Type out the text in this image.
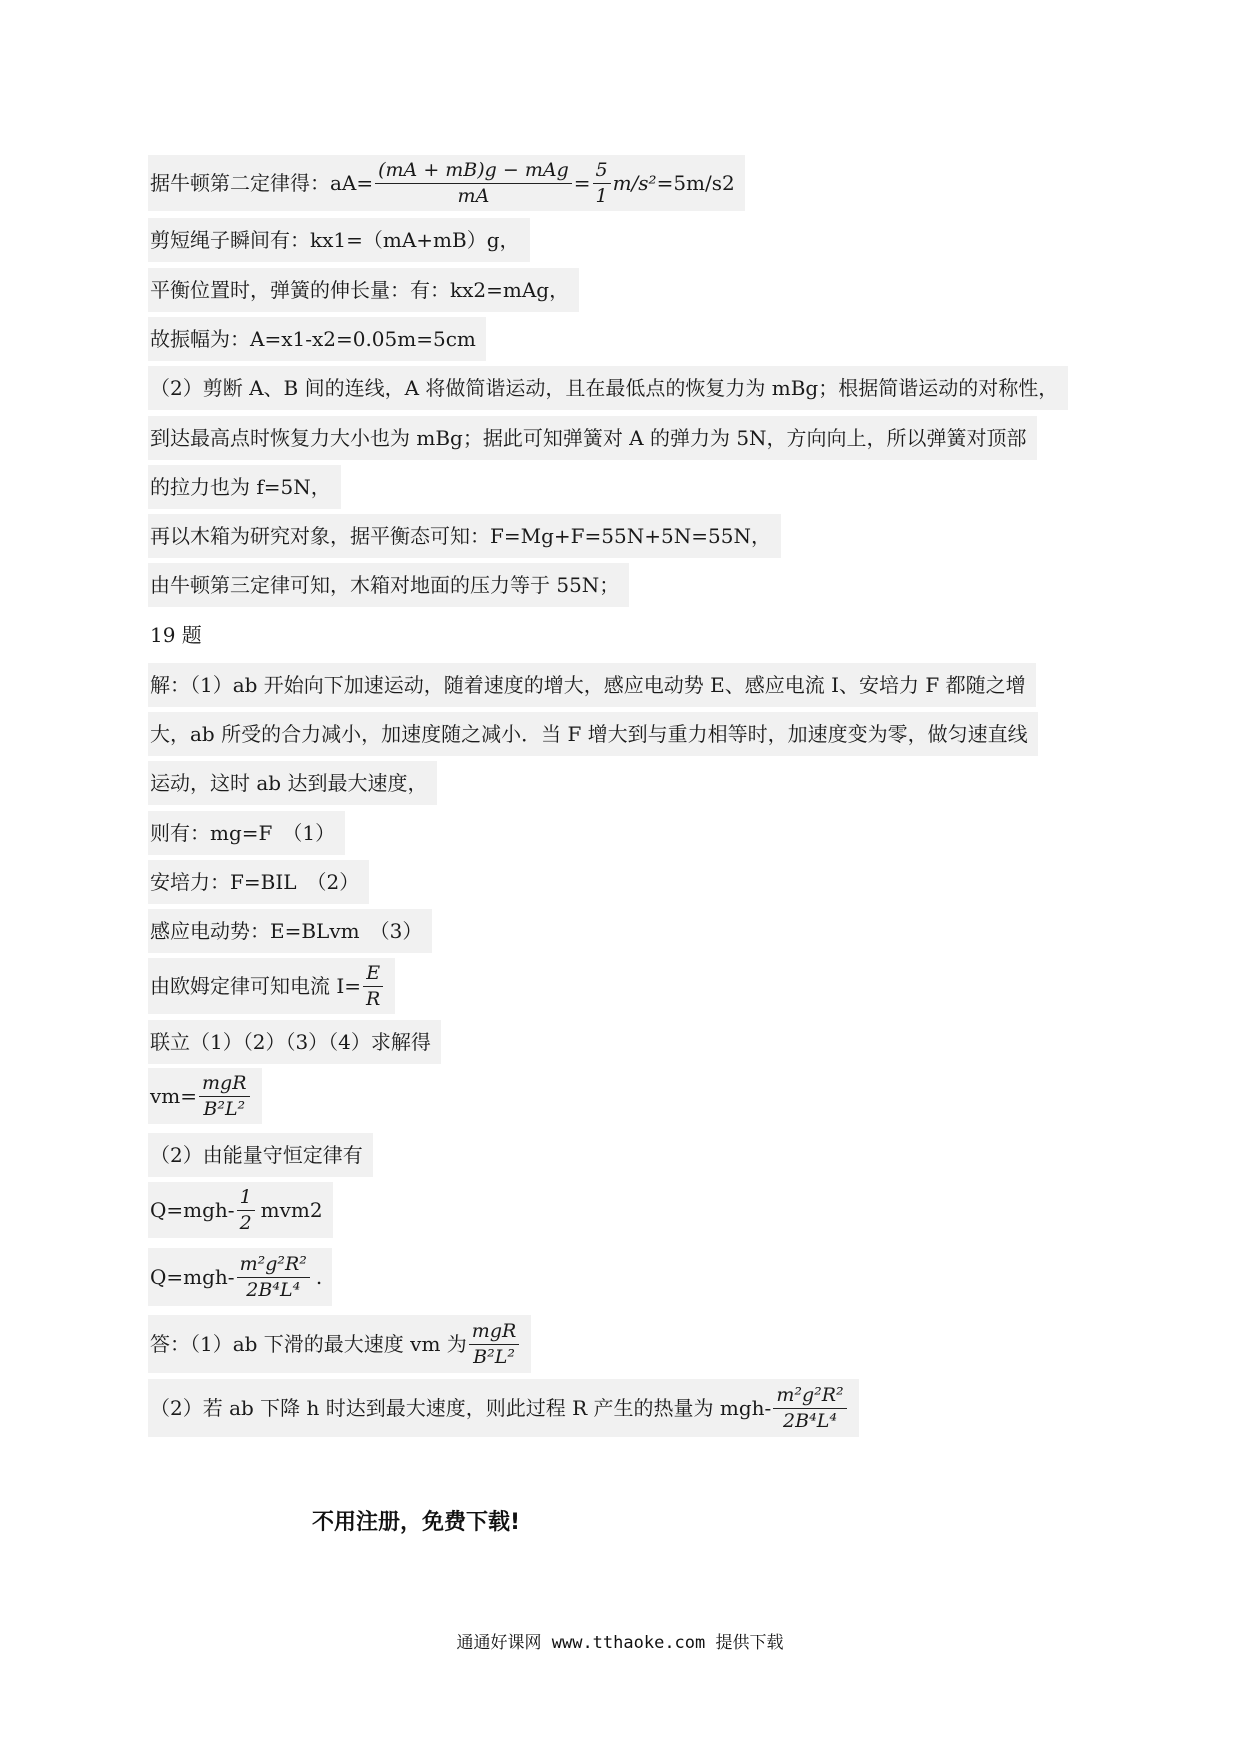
据牛顿第二定律得：$aA= \frac{\text{(mA + mB)g − mAg}}{mA} = \frac{5}{1} m/s^2 =5m/s2$
剪短绳子瞬间有：kx1=（mA+mB）g，
平衡位置时，弹簧的伸长量：有：kx2=mAg，
故振幅为：A=x1-x2=0.05m=5cm
（2）剪断 A、B 间的连线，A 将做简谐运动，且在最低点的恢复力为 mBg；根据简谐运动的对称性，
到达最高点时恢复力大小也为 mBg；据此可知弹簧对 A 的弹力为 5N，方向向上，所以弹簧对顶部
的拉力也为 f=5N，
再以木箱为研究对象，据平衡态可知：F=Mg+F=55N+5N=55N，
由牛顿第三定律可知，木箱对地面的压力等于 55N；
19 题
解：（1）ab 开始向下加速运动，随着速度的增大，感应电动势 E、感应电流 I、安培力 F 都随之增
大，ab 所受的合力减小，加速度随之减小．当 F 增大到与重力相等时，加速度变为零，做匀速直线
运动，这时 ab 达到最大速度，
则有：mg=F　（1）
安培力：F=BIL　（2）
感应电动势：E=BLvm　（3）
由欧姆定律可知电流 $I= \frac{E}{R}$
联立（1）（2）（3）（4）求解得
$vm= \frac{\text{mgR}}{\text{B²L²}}$
（2）由能量守恒定律有
$Q=mgh- \frac{1}{2} mvm2$
$Q=mgh- \frac{\text{m²g²R²}}{\text{2B⁴L⁴}}$ .
答：（1）ab 下滑的最大速度 vm 为 $\frac{\text{mgR}}{\text{B²L²}}$
（2）若 ab 下降 h 时达到最大速度，则此过程 R 产生的热量为 $mgh- \frac{\text{m²g²R²}}{\text{2B⁴L⁴}}$
不用注册，免费下载!
通通好课网 www.tthaoke.com 提供下载
